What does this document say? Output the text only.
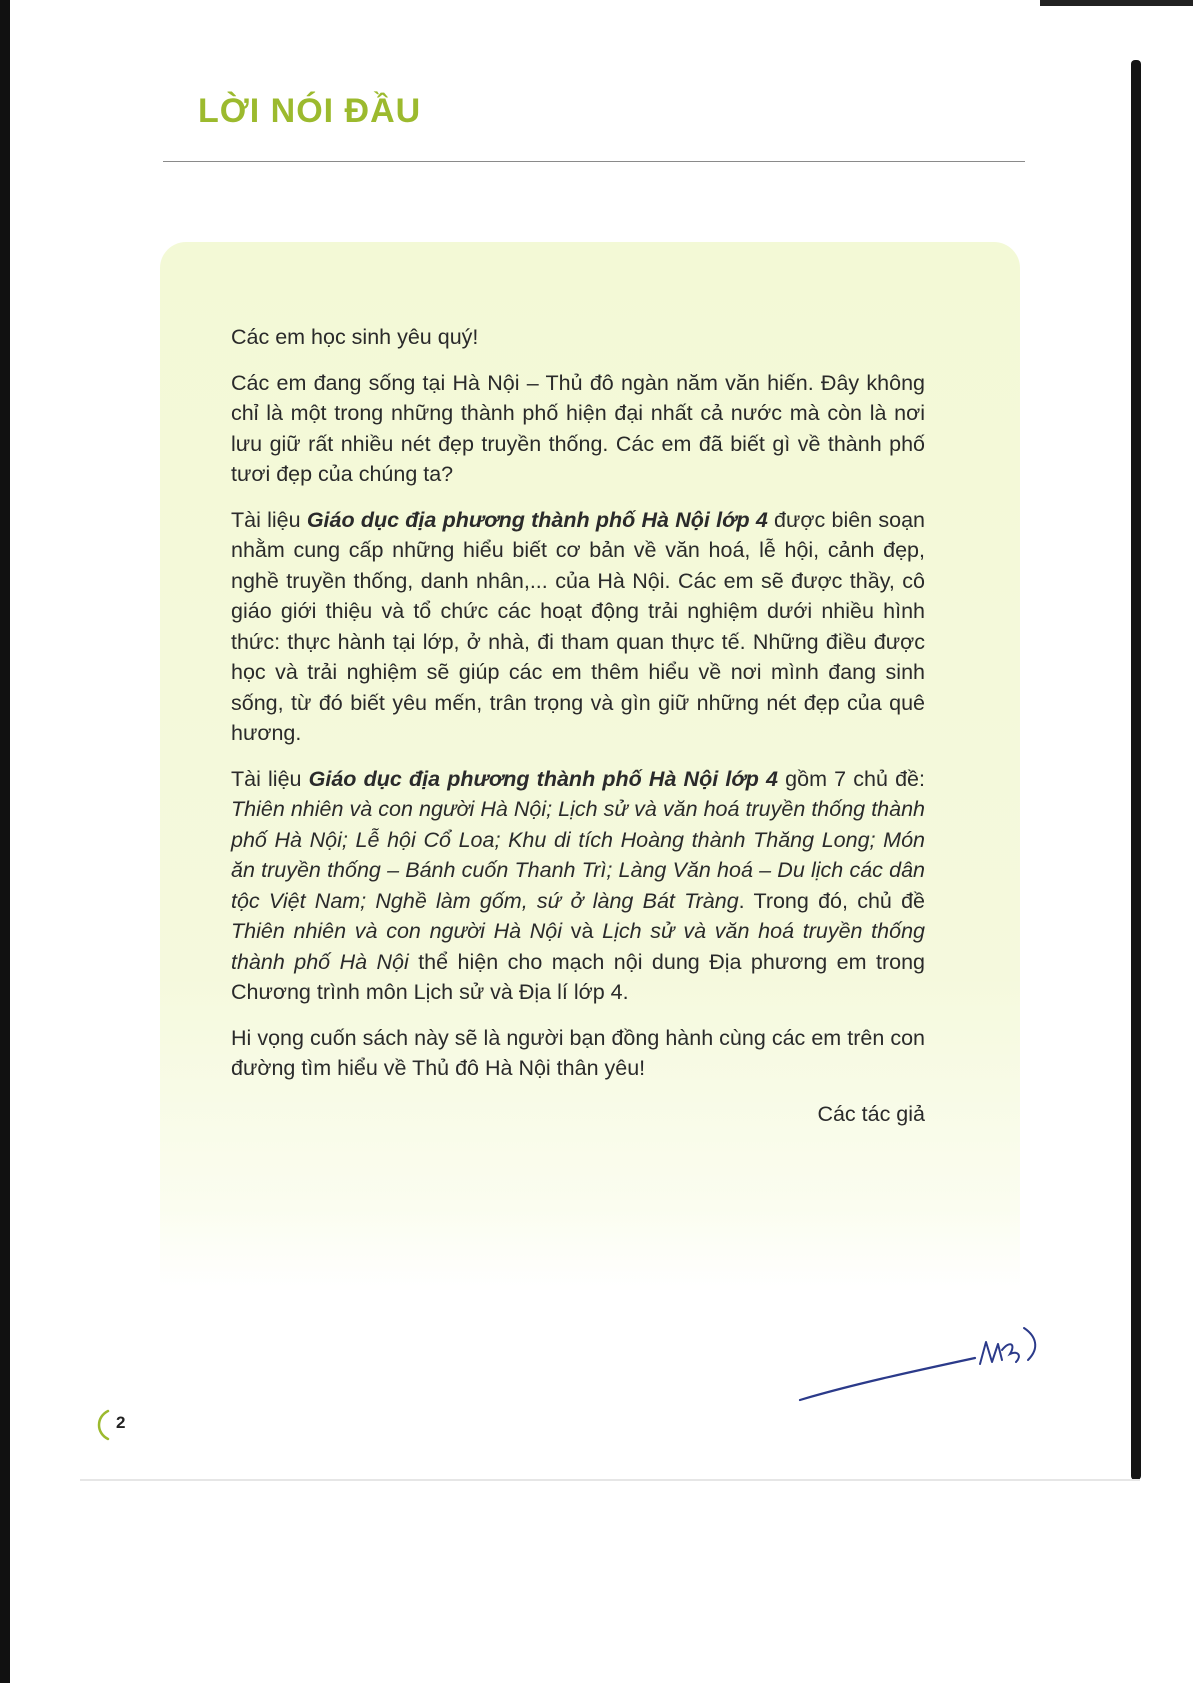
LỜI NÓI ĐẦU

Các em học sinh yêu quý!

Các em đang sống tại Hà Nội – Thủ đô ngàn năm văn hiến. Đây không chỉ là một trong những thành phố hiện đại nhất cả nước mà còn là nơi lưu giữ rất nhiều nét đẹp truyền thống. Các em đã biết gì về thành phố tươi đẹp của chúng ta?

Tài liệu Giáo dục địa phương thành phố Hà Nội lớp 4 được biên soạn nhằm cung cấp những hiểu biết cơ bản về văn hoá, lễ hội, cảnh đẹp, nghề truyền thống, danh nhân,... của Hà Nội. Các em sẽ được thầy, cô giáo giới thiệu và tổ chức các hoạt động trải nghiệm dưới nhiều hình thức: thực hành tại lớp, ở nhà, đi tham quan thực tế. Những điều được học và trải nghiệm sẽ giúp các em thêm hiểu về nơi mình đang sinh sống, từ đó biết yêu mến, trân trọng và gìn giữ những nét đẹp của quê hương.

Tài liệu Giáo dục địa phương thành phố Hà Nội lớp 4 gồm 7 chủ đề: Thiên nhiên và con người Hà Nội; Lịch sử và văn hoá truyền thống thành phố Hà Nội; Lễ hội Cổ Loa; Khu di tích Hoàng thành Thăng Long; Món ăn truyền thống – Bánh cuốn Thanh Trì; Làng Văn hoá – Du lịch các dân tộc Việt Nam; Nghề làm gốm, sứ ở làng Bát Tràng. Trong đó, chủ đề Thiên nhiên và con người Hà Nội và Lịch sử và văn hoá truyền thống thành phố Hà Nội thể hiện cho mạch nội dung Địa phương em trong Chương trình môn Lịch sử và Địa lí lớp 4.

Hi vọng cuốn sách này sẽ là người bạn đồng hành cùng các em trên con đường tìm hiểu về Thủ đô Hà Nội thân yêu!

Các tác giả

2
